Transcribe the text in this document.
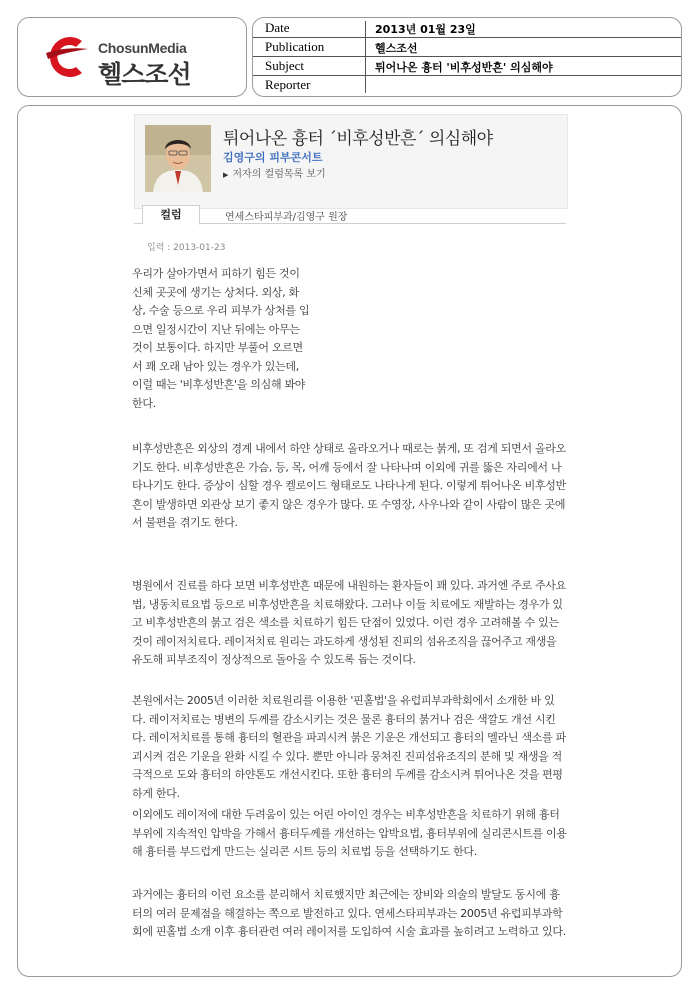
ChosunMedia
헬스조선
Date	2013년 01월 23일
Publication	헬스조선
Subject	튀어나온 흉터 '비후성반흔' 의심해야
Reporter
튀어나온 흉터 ´비후성반흔´ 의심해야
김영구의 피부콘서트
▶ 저자의 컬럼목록 보기
컬럼	연세스타피부과/김영구 원장
입력 : 2013-01-23

우리가 살아가면서 피하기 힘든 것이 신체 곳곳에 생기는 상처다. 외상, 화상, 수술 등으로 우리 피부가 상처를 입으면 일정시간이 지난 뒤에는 아무는 것이 보통이다. 하지만 부풀어 오르면서 꽤 오래 남아 있는 경우가 있는데, 이럴 때는 '비후성반흔'을 의심해 봐야 한다.

비후성반흔은 외상의 경계 내에서 하얀 상태로 올라오거나 때로는 붉게, 또 검게 되면서 올라오기도 한다. 비후성반흔은 가슴, 등, 목, 어깨 등에서 잘 나타나며 이외에 귀를 뚫은 자리에서 나타나기도 한다. 증상이 심할 경우 켈로이드 형태로도 나타나게 된다. 이렇게 튀어나온 비후성반흔이 발생하면 외관상 보기 좋지 않은 경우가 많다. 또 수영장, 사우나와 같이 사람이 많은 곳에서 불편을 겪기도 한다.

병원에서 진료를 하다 보면 비후성반흔 때문에 내원하는 환자들이 꽤 있다. 과거엔 주로 주사요법, 냉동치료요법 등으로 비후성반흔을 치료해왔다. 그러나 이들 치료에도 재발하는 경우가 있고 비후성반흔의 붉고 검은 색소를 치료하기 힘든 단점이 있었다. 이런 경우 고려해볼 수 있는 것이 레이저치료다. 레이저치료 원리는 과도하게 생성된 진피의 섬유조직을 끊어주고 재생을 유도해 피부조직이 정상적으로 돌아올 수 있도록 돕는 것이다.

본원에서는 2005년 이러한 치료원리를 이용한 '핀홀법'을 유럽피부과학회에서 소개한 바 있다. 레이저치료는 병변의 두께를 감소시키는 것은 물론 흉터의 붉거나 검은 색깔도 개선 시킨다. 레이저치료를 통해 흉터의 혈관을 파괴시켜 붉은 기운은 개선되고 흉터의 멜라닌 색소를 파괴시켜 검은 기운을 완화 시킬 수 있다. 뿐만 아니라 뭉쳐진 진피섬유조직의 분해 및 재생을 적극적으로 도와 흉터의 하얀톤도 개선시킨다. 또한 흉터의 두께를 감소시켜 튀어나온 것을 편평하게 한다.

이외에도 레이저에 대한 두려움이 있는 어린 아이인 경우는 비후성반흔을 치료하기 위해 흉터부위에 지속적인 압박을 가해서 흉터두께를 개선하는 압박요법, 흉터부위에 실리콘시트를 이용해 흉터를 부드럽게 만드는 실리콘 시트 등의 치료법 등을 선택하기도 한다.

과거에는 흉터의 이런 요소를 분리해서 치료했지만 최근에는 장비와 의술의 발달도 동시에 흉터의 여러 문제점을 해결하는 쪽으로 발전하고 있다. 연세스타피부과는 2005년 유럽피부과학회에 핀홀법 소개 이후 흉터관련 여러 레이저를 도입하여 시술 효과를 높히려고 노력하고 있다.
